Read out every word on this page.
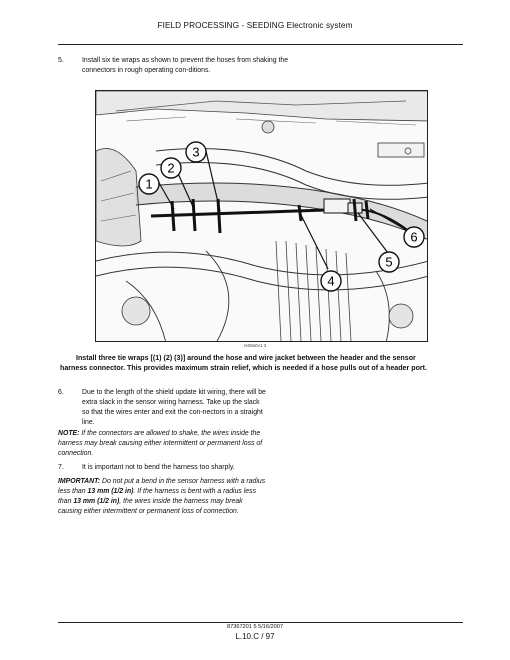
FIELD PROCESSING - SEEDING Electronic system
5.	Install six tie wraps as shown to prevent the hoses from shaking the connectors in rough operating con-ditions.
1
2
3
4
5
6
rs09a0v1 3
Install three tie wraps [(1) (2) (3)] around the hose and wire jacket between the header and the sensor
harness connector. This provides maximum strain relief, which is needed if a hose pulls out of a header port.
6.	Due to the length of the shield update kit wiring, there will be extra slack in the sensor wiring harness. Take up the slack so that the wires enter and exit the con-nectors in a straight line.
NOTE: If the connectors are allowed to shake, the wires inside the harness may break causing either intermittent or permanent loss of connection.
7.	It is important not to bend the harness too sharply.
IMPORTANT: Do not put a bend in the sensor harness with a radius less than 13 mm (1/2 in). If the harness is bent with a radius less than 13 mm (1/2 in), the wires inside the harness may break causing either intermittent or permanent loss of connection.
87367201 5 5/16/2007
L.10.C / 97
